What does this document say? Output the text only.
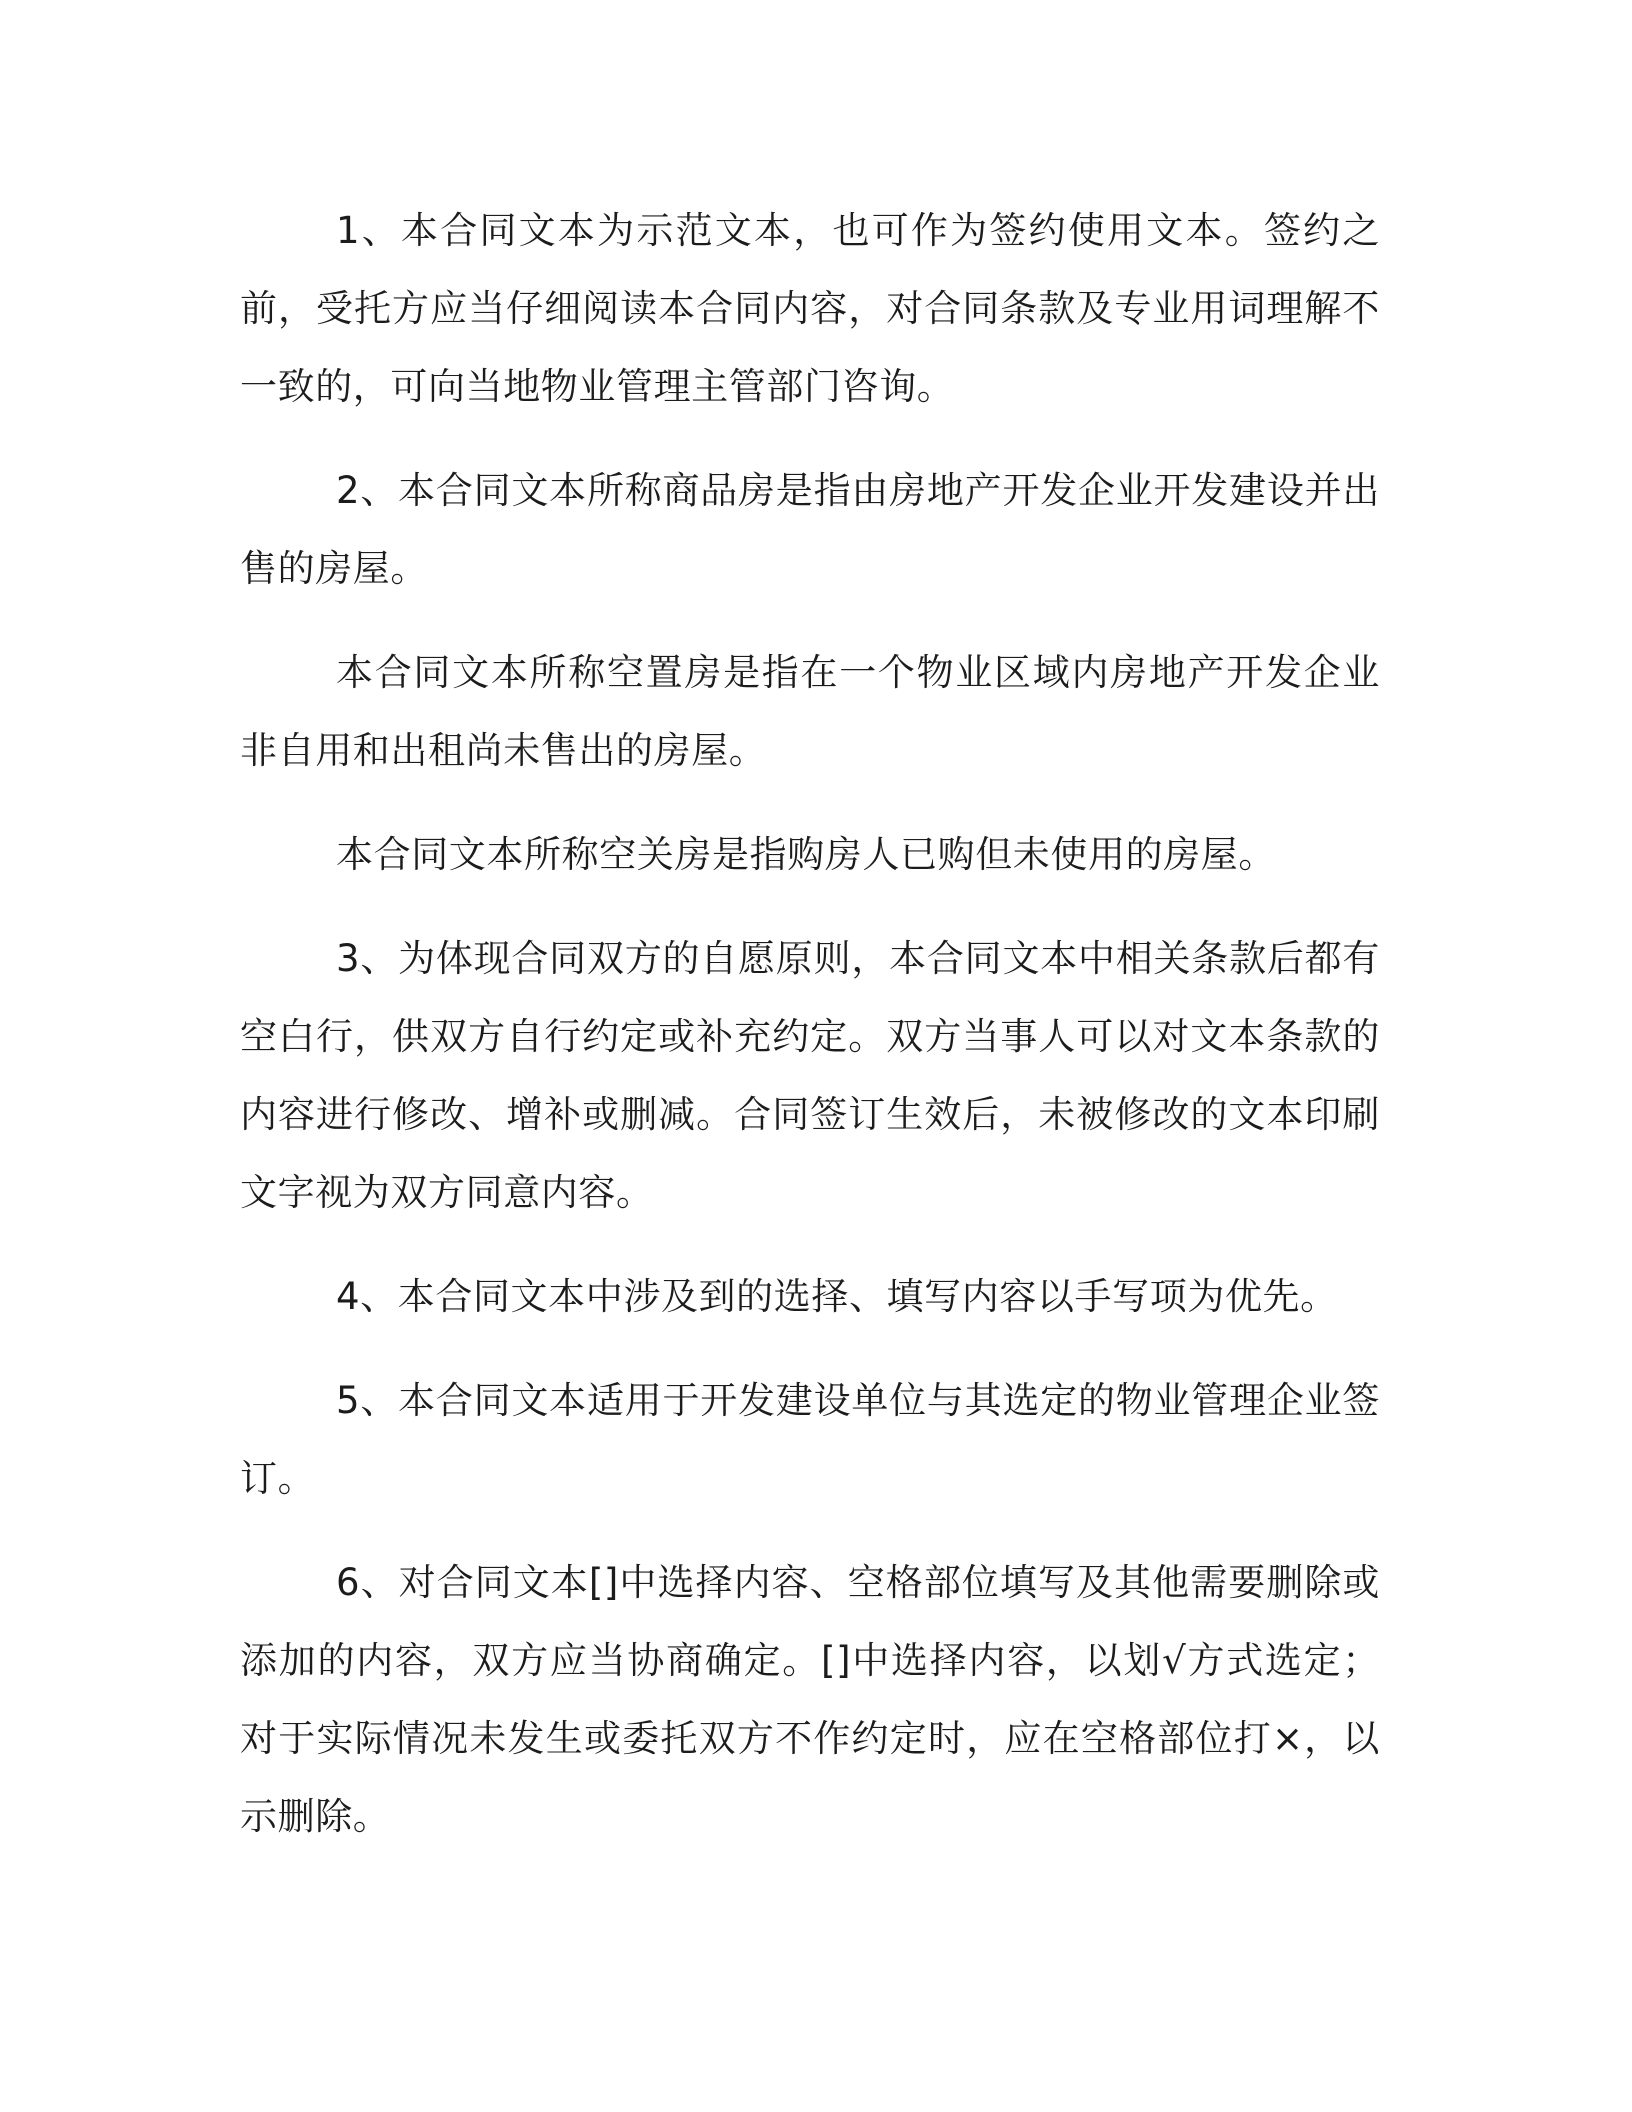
1、本合同文本为示范文本，也可作为签约使用文本。签约之前，受托方应当仔细阅读本合同内容，对合同条款及专业用词理解不一致的，可向当地物业管理主管部门咨询。

2、本合同文本所称商品房是指由房地产开发企业开发建设并出售的房屋。

本合同文本所称空置房是指在一个物业区域内房地产开发企业非自用和出租尚未售出的房屋。

本合同文本所称空关房是指购房人已购但未使用的房屋。

3、为体现合同双方的自愿原则，本合同文本中相关条款后都有空白行，供双方自行约定或补充约定。双方当事人可以对文本条款的内容进行修改、增补或删减。合同签订生效后，未被修改的文本印刷文字视为双方同意内容。

4、本合同文本中涉及到的选择、填写内容以手写项为优先。

5、本合同文本适用于开发建设单位与其选定的物业管理企业签订。

6、对合同文本[]中选择内容、空格部位填写及其他需要删除或添加的内容，双方应当协商确定。[]中选择内容，以划√方式选定；对于实际情况未发生或委托双方不作约定时，应在空格部位打×，以示删除。
